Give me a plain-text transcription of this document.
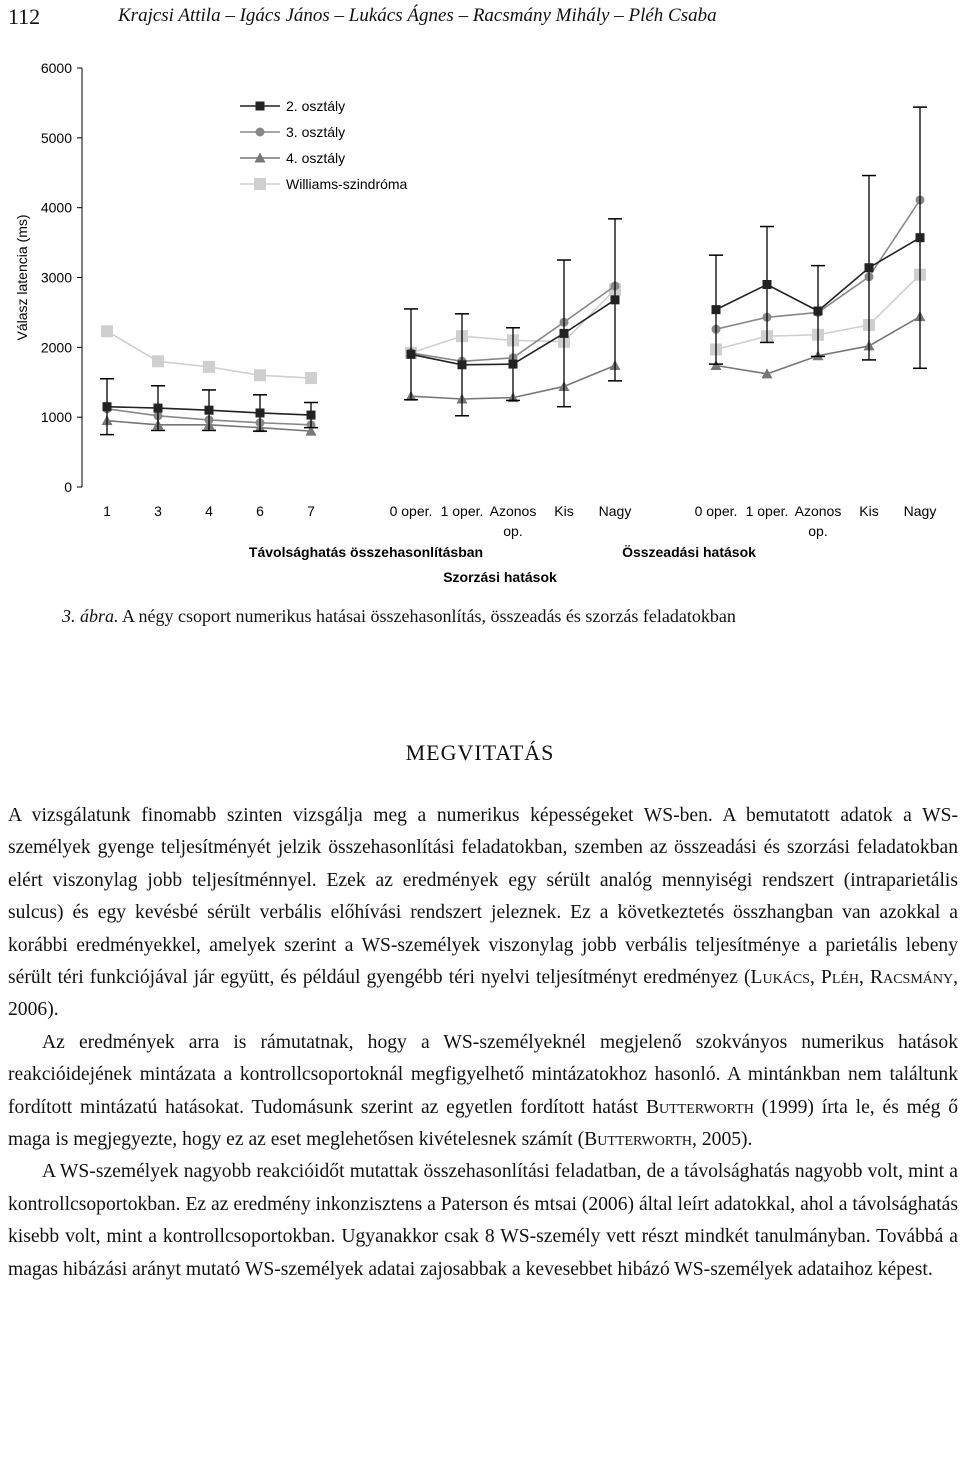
112	Krajcsi Attila – Igács János – Lukács Ágnes – Racsmány Mihály – Pléh Csaba
0
1000
2000
3000
4000
5000
6000
Válasz latencia (ms)
2. osztály
3. osztály
4. osztály
Williams-szindróma
1	3	4	6	7	0 oper. 1 oper. Azonos
op.
Kis Nagy	0 oper. 1 oper. Azonos
op.
Kis Nagy
Távolsághatás összehasonlításban
Szorzási hatások
Összeadási hatások
3. ábra. A négy csoport numerikus hatásai összehasonlítás, összeadás és szorzás feladatokban
MEGVITATÁS

A vizsgálatunk finomabb szinten vizsgálja meg a numerikus képességeket WS-ben. A bemutatott adatok a WS-személyek gyenge teljesítményét jelzik összehasonlítási feladatokban, szemben az összeadási és szorzási feladatokban elért viszonylag jobb teljesítménnyel. Ezek az eredmények egy sérült analóg mennyiségi rendszert (intraparietális sulcus) és egy kevésbé sérült verbális előhívási rendszert jeleznek. Ez a következtetés összhangban van azokkal a korábbi eredményekkel, amelyek szerint a WS-személyek viszonylag jobb verbális teljesítménye a parietális lebeny sérült téri funkciójával jár együtt, és például gyengébb téri nyelvi teljesítményt eredményez (Lukács, Pléh, Racsmány, 2006).

Az eredmények arra is rámutatnak, hogy a WS-személyeknél megjelenő szokványos numerikus hatások reakcióidejének mintázata a kontrollcsoportoknál megfigyelhető mintázatokhoz hasonló. A mintánkban nem találtunk fordított mintázatú hatásokat. Tudomásunk szerint az egyetlen fordított hatást Butterworth (1999) írta le, és még ő maga is megjegyezte, hogy ez az eset meglehetősen kivételesnek számít (Butterworth, 2005).

A WS-személyek nagyobb reakcióidőt mutattak összehasonlítási feladatban, de a távolsághatás nagyobb volt, mint a kontrollcsoportokban. Ez az eredmény inkonzisztens a Paterson és mtsai (2006) által leírt adatokkal, ahol a távolsághatás kisebb volt, mint a kontrollcsoportokban. Ugyanakkor csak 8 WS-személy vett részt mindkét tanulmányban. Továbbá a magas hibázási arányt mutató WS-személyek adatai zajosabbak a kevesebbet hibázó WS-személyek adataihoz képest.
